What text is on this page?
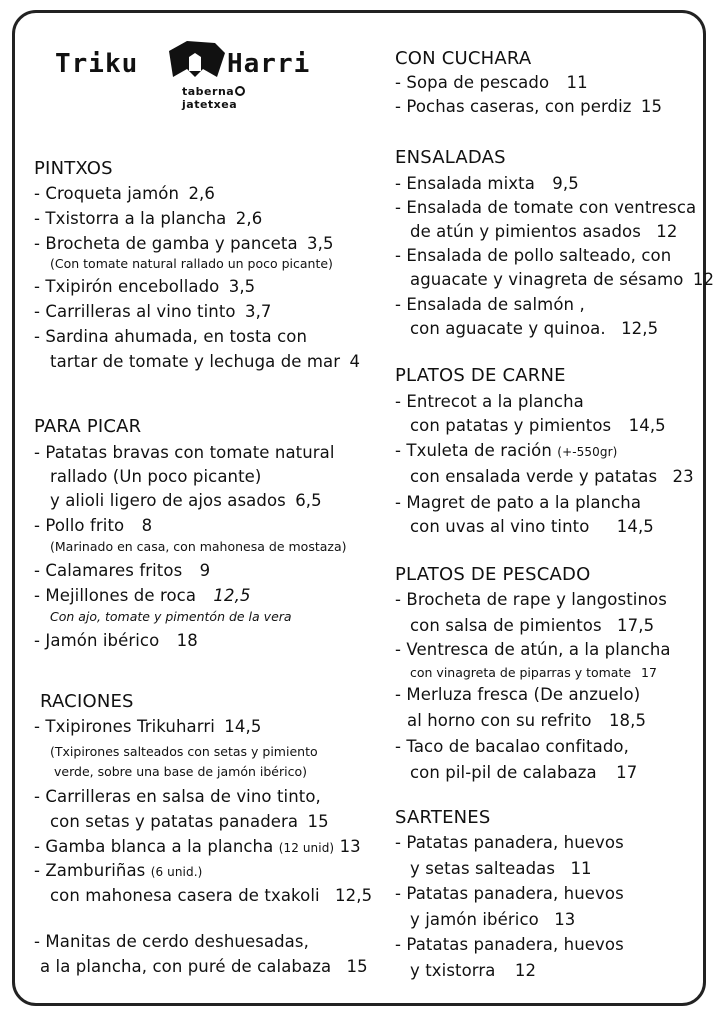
Triku	Harri
tabernajatetxea
PINTXOS
- Croqueta jamón 2,6
- Txistorra a la plancha 2,6
- Brocheta de gamba y panceta 3,5
(Con tomate natural rallado un poco picante)
- Txipirón encebollado 3,5
- Carrilleras al vino tinto 3,7
- Sardina ahumada, en tosta con
tartar de tomate y lechuga de mar 4
PARA PICAR
- Patatas bravas con tomate natural
rallado (Un poco picante)
y alioli ligero de ajos asados 6,5
- Pollo frito 8
(Marinado en casa, con mahonesa de mostaza)
- Calamares fritos 9
- Mejillones de roca 12,5
Con ajo, tomate y pimentón de la vera
- Jamón ibérico 18
RACIONES
- Txipirones Trikuharri 14,5
(Txipirones salteados con setas y pimiento
verde, sobre una base de jamón ibérico)
- Carrilleras en salsa de vino tinto,
con setas y patatas panadera 15
- Gamba blanca a la plancha (12 unid) 13
- Zamburiñas (6 unid.)
con mahonesa casera de txakoli 12,5
- Manitas de cerdo deshuesadas,
a la plancha, con puré de calabaza 15
CON CUCHARA
- Sopa de pescado 11
- Pochas caseras, con perdiz 15
ENSALADAS
- Ensalada mixta 9,5
- Ensalada de tomate con ventresca
de atún y pimientos asados 12
- Ensalada de pollo salteado, con
aguacate y vinagreta de sésamo 12
- Ensalada de salmón ,
con aguacate y quinoa. 12,5
PLATOS DE CARNE
- Entrecot a la plancha
con patatas y pimientos 14,5
- Txuleta de ración (+-550gr)
con ensalada verde y patatas 23
- Magret de pato a la plancha
con uvas al vino tinto 14,5
PLATOS DE PESCADO
- Brocheta de rape y langostinos
con salsa de pimientos 17,5
- Ventresca de atún, a la plancha
con vinagreta de piparras y tomate 17
- Merluza fresca (De anzuelo)
al horno con su refrito 18,5
- Taco de bacalao confitado,
con pil-pil de calabaza 17
SARTENES
- Patatas panadera, huevos
y setas salteadas 11
- Patatas panadera, huevos
y jamón ibérico 13
- Patatas panadera, huevos
y txistorra 12
